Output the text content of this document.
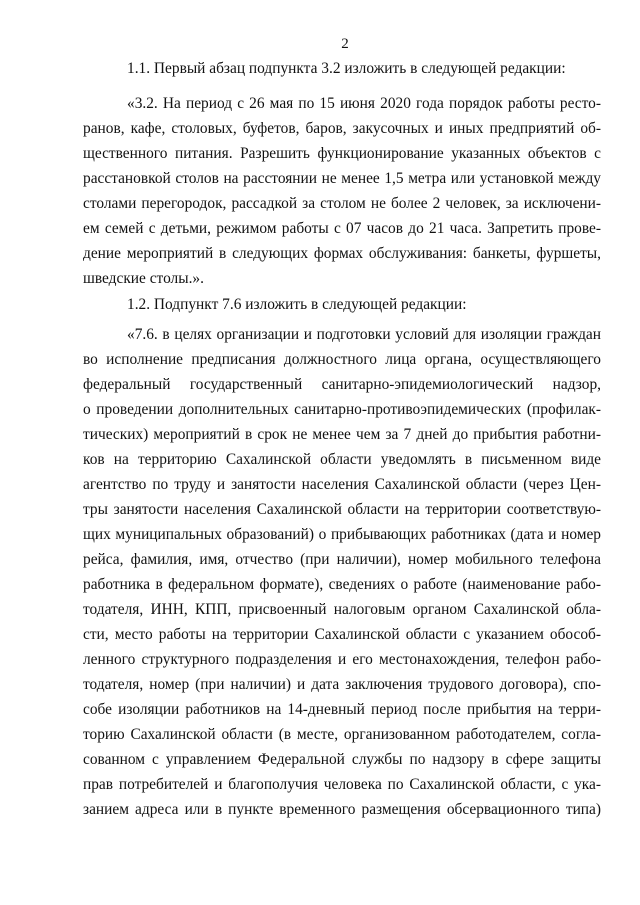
2
1.1. Первый абзац подпункта 3.2 изложить в следующей редакции:
«3.2. На период с 26 мая по 15 июня 2020 года порядок работы ресто-
ранов, кафе, столовых, буфетов, баров, закусочных и иных предприятий об-
щественного питания. Разрешить функционирование указанных объектов с
расстановкой столов на расстоянии не менее 1,5 метра или установкой между
столами перегородок, рассадкой за столом не более 2 человек, за исключени-
ем семей с детьми, режимом работы с 07 часов до 21 часа. Запретить прове-
дение мероприятий в следующих формах обслуживания: банкеты, фуршеты,
шведские столы.».
1.2. Подпункт 7.6 изложить в следующей редакции:
«7.6. в целях организации и подготовки условий для изоляции граждан
во исполнение предписания должностного лица органа, осуществляющего
федеральный государственный санитарно-эпидемиологический надзор,
о проведении дополнительных санитарно-противоэпидемических (профилак-
тических) мероприятий в срок не менее чем за 7 дней до прибытия работни-
ков на территорию Сахалинской области уведомлять в письменном виде
агентство по труду и занятости населения Сахалинской области (через Цен-
тры занятости населения Сахалинской области на территории соответствую-
щих муниципальных образований) о прибывающих работниках (дата и номер
рейса, фамилия, имя, отчество (при наличии), номер мобильного телефона
работника в федеральном формате), сведениях о работе (наименование рабо-
тодателя, ИНН, КПП, присвоенный налоговым органом Сахалинской обла-
сти, место работы на территории Сахалинской области с указанием обособ-
ленного структурного подразделения и его местонахождения, телефон рабо-
тодателя, номер (при наличии) и дата заключения трудового договора), спо-
собе изоляции работников на 14-дневный период после прибытия на терри-
торию Сахалинской области (в месте, организованном работодателем, согла-
сованном с управлением Федеральной службы по надзору в сфере защиты
прав потребителей и благополучия человека по Сахалинской области, с ука-
занием адреса или в пункте временного размещения обсервационного типа)
